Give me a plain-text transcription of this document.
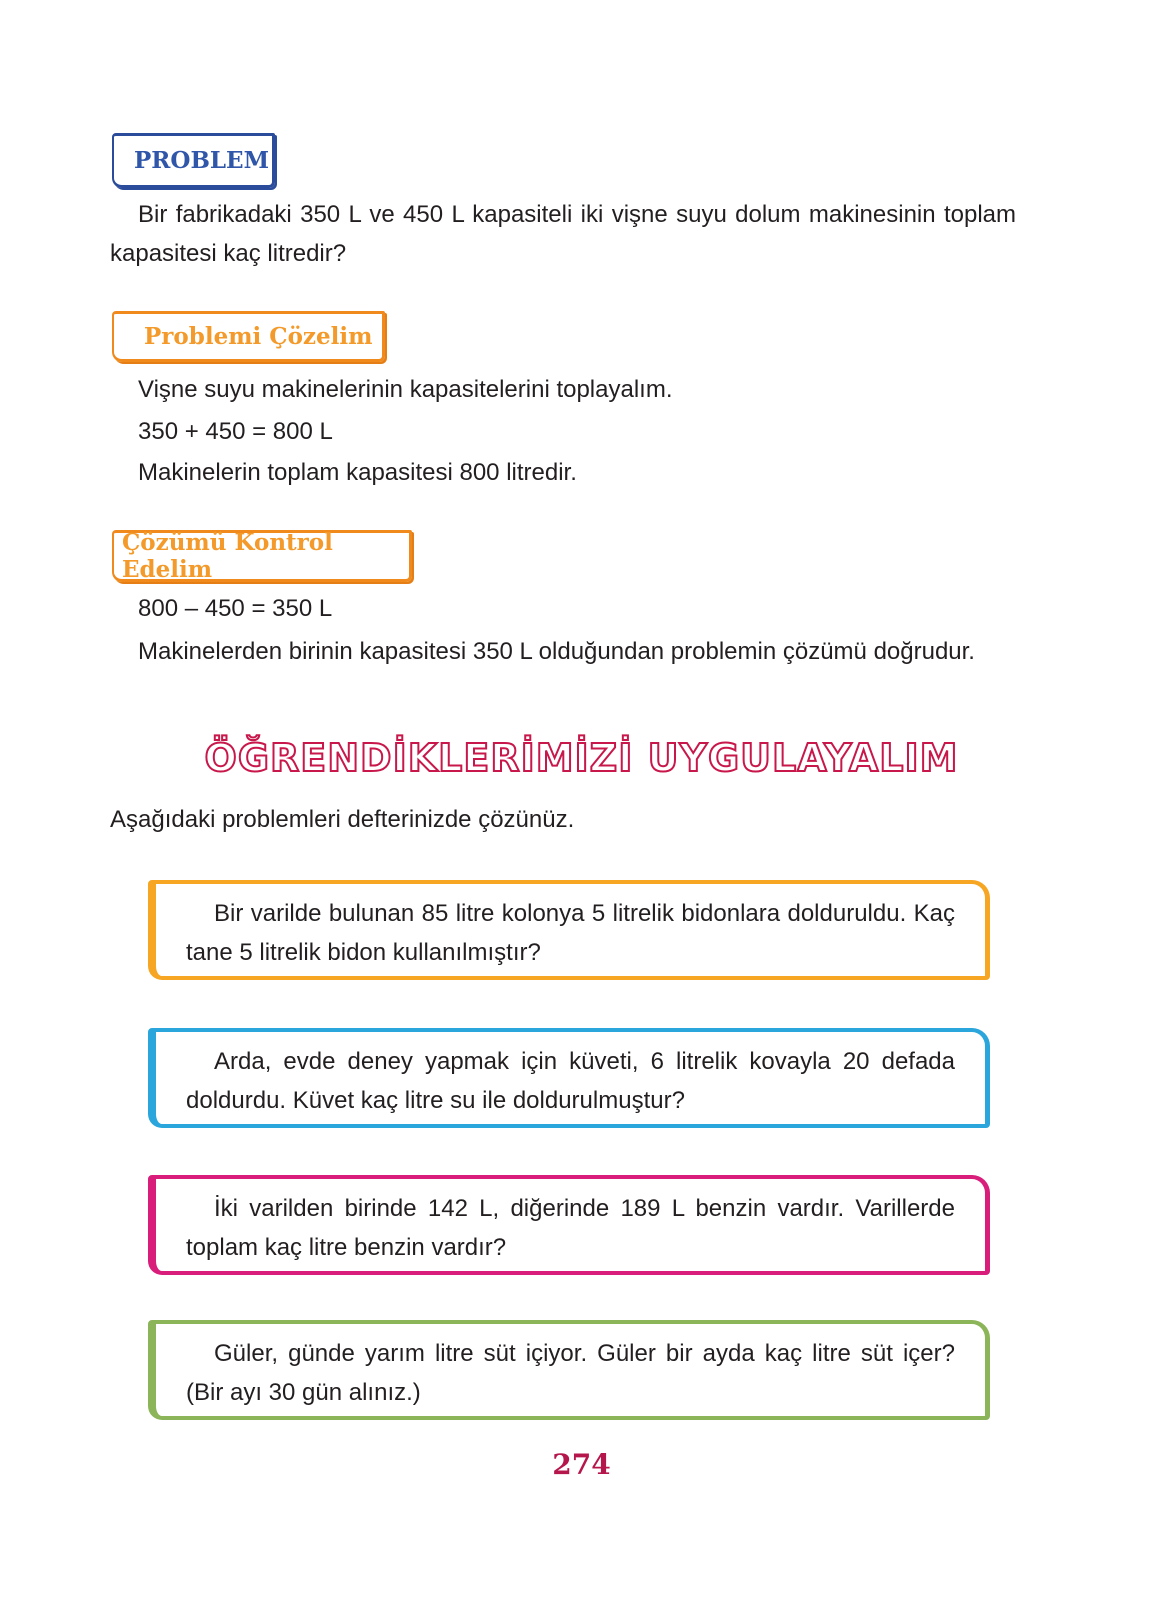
PROBLEM
Bir fabrikadaki 350 L ve 450 L kapasiteli iki vişne suyu dolum makinesinin toplam kapasitesi kaç litredir?
Problemi Çözelim
Vişne suyu makinelerinin kapasitelerini toplayalım.
350 + 450 = 800 L
Makinelerin toplam kapasitesi 800 litredir.
Çözümü Kontrol Edelim
800 – 450 = 350 L
Makinelerden birinin kapasitesi 350 L olduğundan problemin çözümü doğrudur.
ÖĞRENDİKLERİMİZİ UYGULAYALIM
Aşağıdaki problemleri defterinizde çözünüz.
Bir varilde bulunan 85 litre kolonya 5 litrelik bidonlara dolduruldu. Kaç tane 5 litrelik bidon kullanılmıştır?
Arda, evde deney yapmak için küveti, 6 litrelik kovayla 20 defada doldurdu. Küvet kaç litre su ile doldurulmuştur?
İki varilden birinde 142 L, diğerinde 189 L benzin vardır. Varillerde toplam kaç litre benzin vardır?
Güler, günde yarım litre süt içiyor. Güler bir ayda kaç litre süt içer? (Bir ayı 30 gün alınız.)
274
